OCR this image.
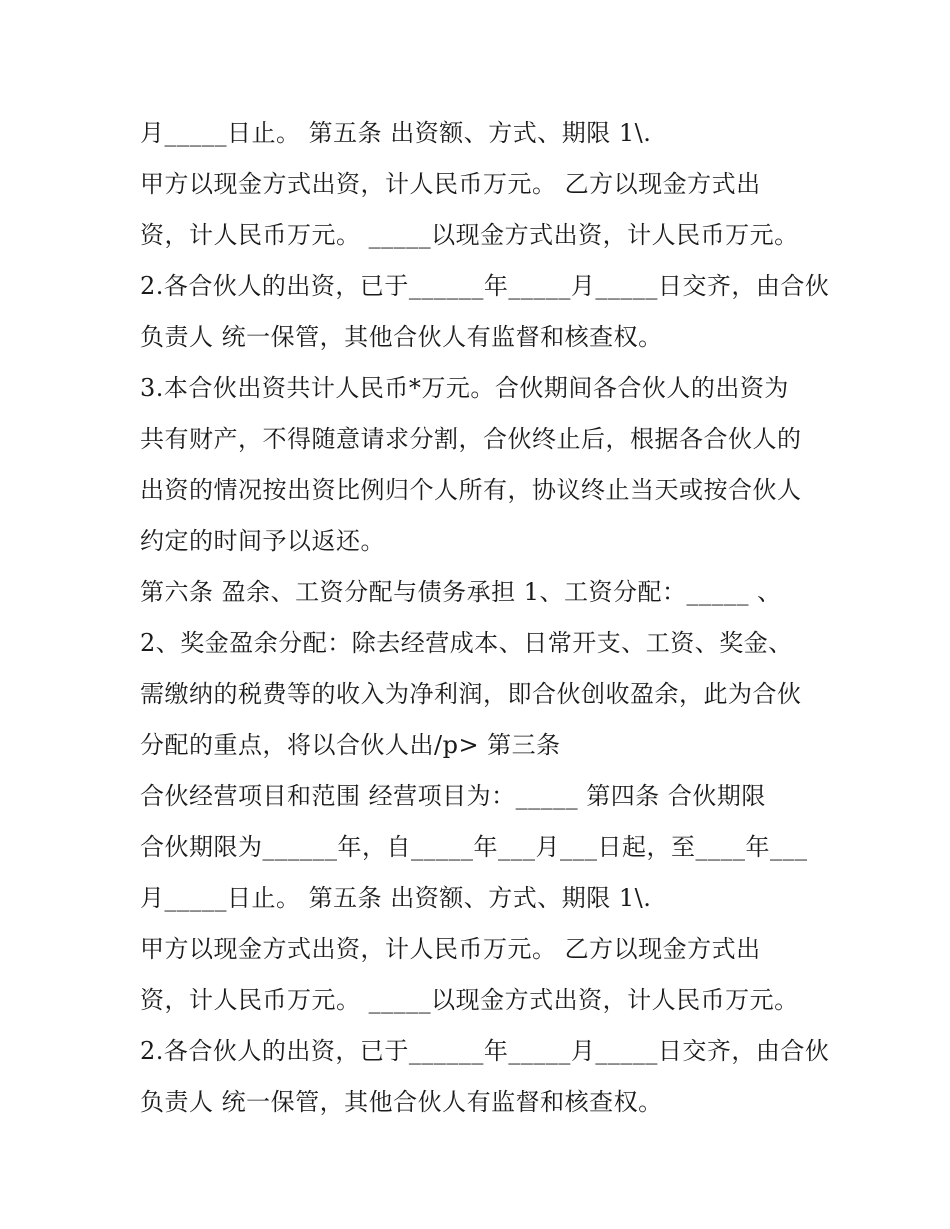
月_____日止。 第五条 出资额、方式、期限 1\.
甲方以现金方式出资，计人民币万元。 乙方以现金方式出
资，计人民币万元。 _____以现金方式出资，计人民币万元。
2.各合伙人的出资，已于______年_____月_____日交齐，由合伙
负责人 统一保管，其他合伙人有监督和核查权。
3.本合伙出资共计人民币*万元。合伙期间各合伙人的出资为
共有财产，不得随意请求分割，合伙终止后，根据各合伙人的
出资的情况按出资比例归个人所有，协议终止当天或按合伙人
约定的时间予以返还。
第六条 盈余、工资分配与债务承担 1、工资分配：_____ 、
2、奖金盈余分配：除去经营成本、日常开支、工资、奖金、
需缴纳的税费等的收入为净利润，即合伙创收盈余，此为合伙
分配的重点，将以合伙人出/p> 第三条
合伙经营项目和范围 经营项目为：_____ 第四条 合伙期限
合伙期限为______年，自_____年___月___日起，至____年___
月_____日止。 第五条 出资额、方式、期限 1\.
甲方以现金方式出资，计人民币万元。 乙方以现金方式出
资，计人民币万元。 _____以现金方式出资，计人民币万元。
2.各合伙人的出资，已于______年_____月_____日交齐，由合伙
负责人 统一保管，其他合伙人有监督和核查权。
